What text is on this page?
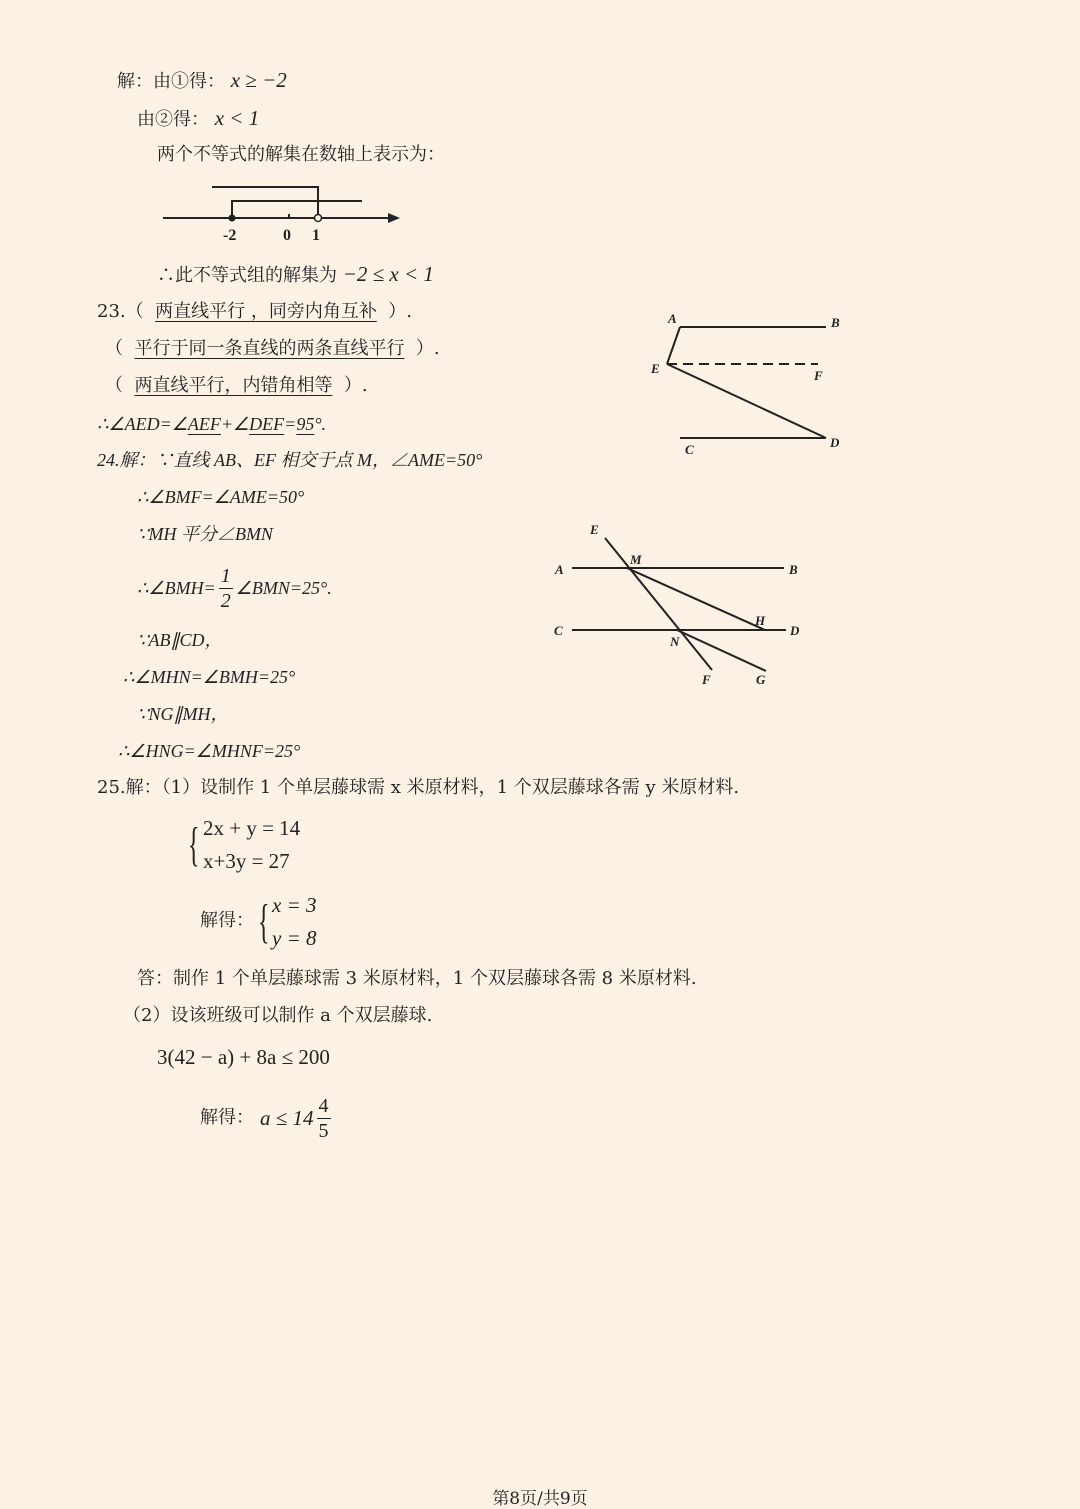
解：由①得： x ≥ −2
由②得： x < 1
两个不等式的解集在数轴上表示为：
-2	0 1
∴此不等式组的解集为 −2 ≤ x < 1
23.（  两直线平行 ，同旁内角互补  ）.
（  平行于同一条直线的两条直线平行  ）.
（  两直线平行，内错角相等  ）.
∴∠AED=∠AEF+∠DEF=95°.
A	B
E	F
C	D
24.解：∵直线 AB、EF 相交于点 M，∠AME=50°
∴∠BMF=∠AME=50°
∵MH 平分∠BMN
∴∠BMH= $\frac{1}{2}$ ∠BMN=25°.
∵AB∥CD，
∴∠MHN=∠BMH=25°
∵NG∥MH，
∴∠HNG=∠MHNF=25°
E
M
A	B
H
C	D
N
F	G
25.解：（1）设制作 1 个单层藤球需 x 米原材料，1 个双层藤球各需 y 米原材料.
{ 2x + y = 14
x+3y = 27
解得： { x = 3
y = 8
答：制作 1 个单层藤球需 3 米原材料，1 个双层藤球各需 8 米原材料.
（2）设该班级可以制作 a 个双层藤球.
3(42 − a) + 8a ≤ 200
解得： $a \le 14 \frac{4}{5}$
第8页/共9页
